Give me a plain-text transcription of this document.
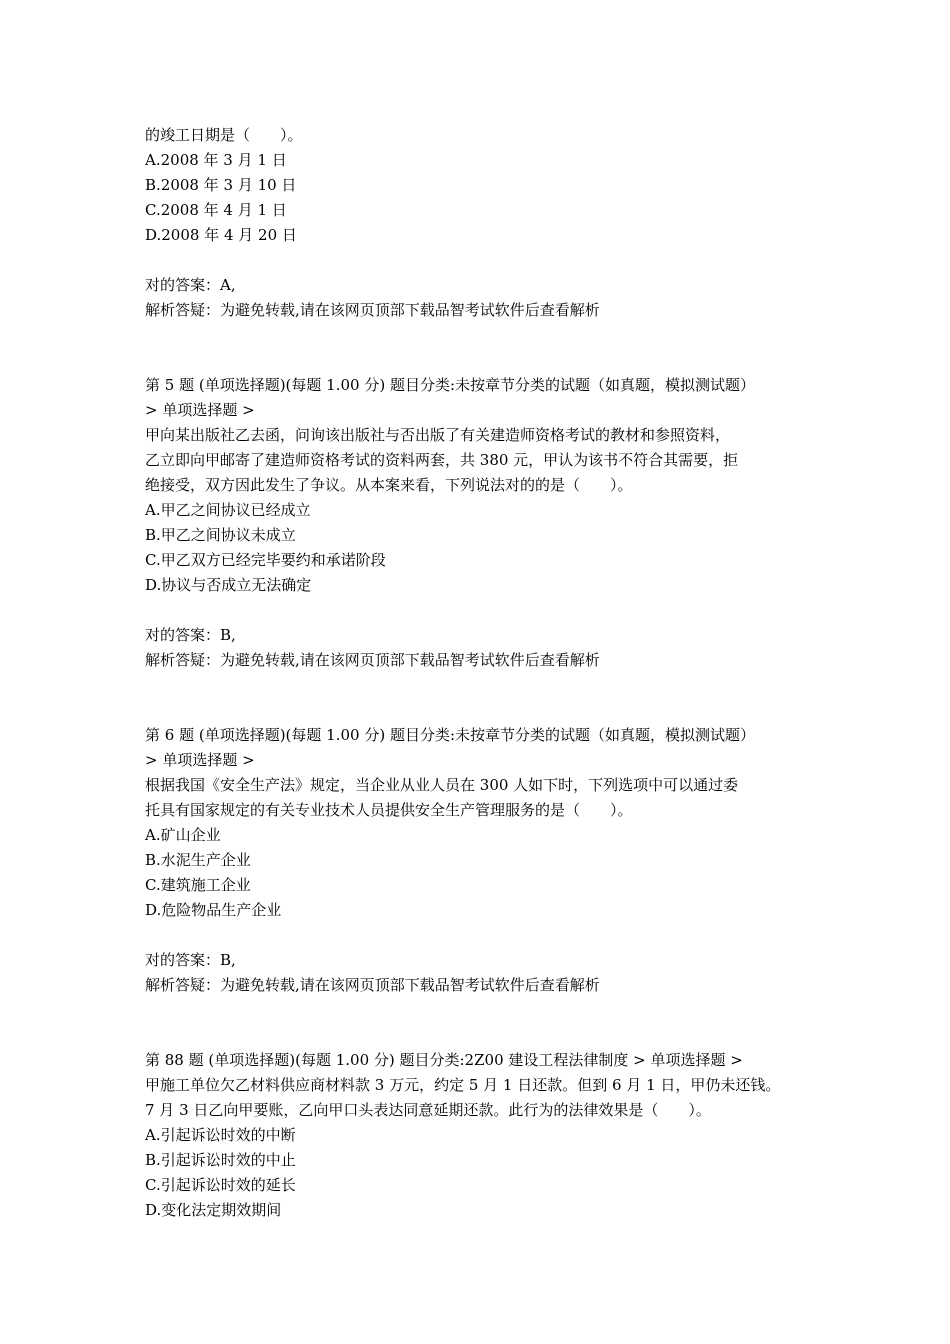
的竣工日期是（　　）。
A.2008 年 3 月 1 日
B.2008 年 3 月 10 日
C.2008 年 4 月 1 日
D.2008 年 4 月 20 日
对的答案：A,
解析答疑：为避免转载,请在该网页顶部下载品智考试软件后查看解析
第 5 题 (单项选择题)(每题 1.00 分) 题目分类:未按章节分类的试题（如真题，模拟测试题）
> 单项选择题 >
甲向某出版社乙去函，问询该出版社与否出版了有关建造师资格考试的教材和参照资料，
乙立即向甲邮寄了建造师资格考试的资料两套，共 380 元，甲认为该书不符合其需要，拒
绝接受，双方因此发生了争议。从本案来看，下列说法对的的是（　　）。
A.甲乙之间协议已经成立
B.甲乙之间协议未成立
C.甲乙双方已经完毕要约和承诺阶段
D.协议与否成立无法确定
对的答案：B,
解析答疑：为避免转载,请在该网页顶部下载品智考试软件后查看解析
第 6 题 (单项选择题)(每题 1.00 分) 题目分类:未按章节分类的试题（如真题，模拟测试题）
> 单项选择题 >
根据我国《安全生产法》规定，当企业从业人员在 300 人如下时，下列选项中可以通过委
托具有国家规定的有关专业技术人员提供安全生产管理服务的是（　　）。
A.矿山企业
B.水泥生产企业
C.建筑施工企业
D.危险物品生产企业
对的答案：B,
解析答疑：为避免转载,请在该网页顶部下载品智考试软件后查看解析
第 88 题 (单项选择题)(每题 1.00 分) 题目分类:2Z00 建设工程法律制度 > 单项选择题 >
甲施工单位欠乙材料供应商材料款 3 万元，约定 5 月 1 日还款。但到 6 月 1 日，甲仍未还钱。
7 月 3 日乙向甲要账，乙向甲口头表达同意延期还款。此行为的法律效果是（　　）。
A.引起诉讼时效的中断
B.引起诉讼时效的中止
C.引起诉讼时效的延长
D.变化法定期效期间
